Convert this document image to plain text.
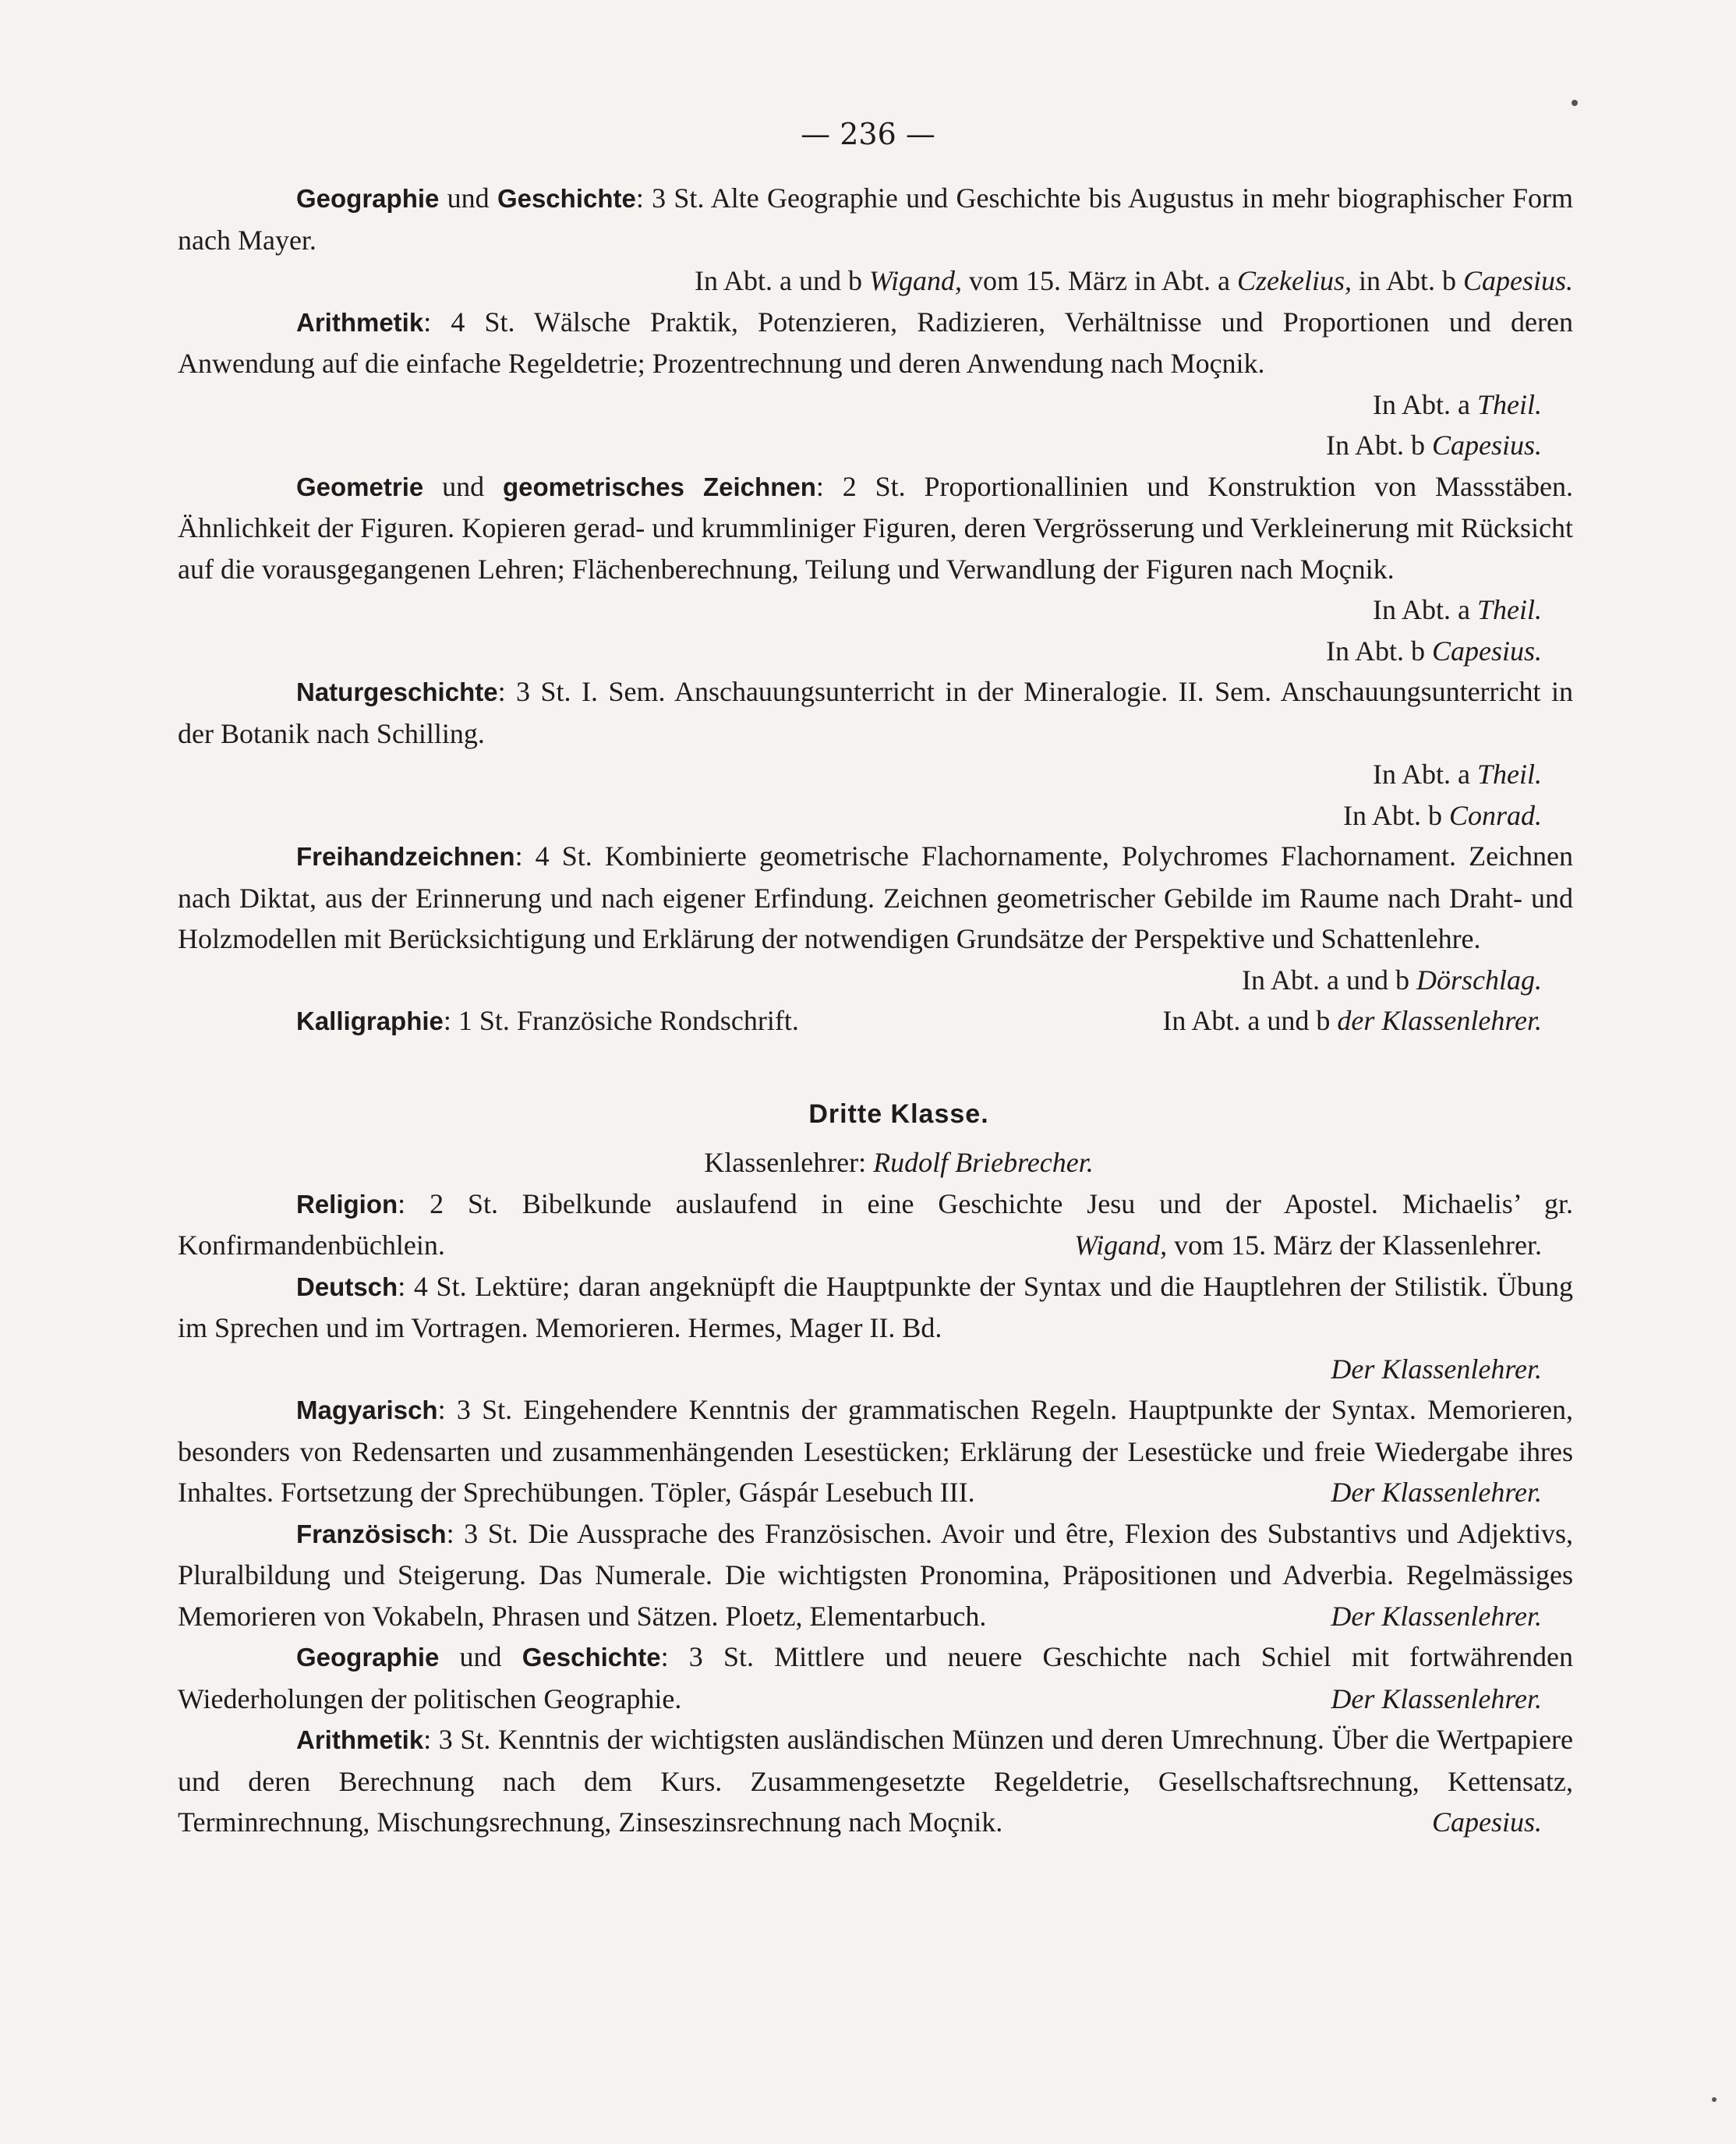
— 236 —

Geographie und Geschichte: 3 St. Alte Geographie und Geschichte bis Augustus in mehr biographischer Form nach Mayer.

In Abt. a und b Wigand, vom 15. März in Abt. a Czekelius, in Abt. b Capesius.

Arithmetik: 4 St. Wälsche Praktik, Potenzieren, Radizieren, Verhältnisse und Proportionen und deren Anwendung auf die einfache Regeldetrie; Prozentrechnung und deren Anwendung nach Moçnik.

In Abt. a Theil.

In Abt. b Capesius.

Geometrie und geometrisches Zeichnen: 2 St. Proportionallinien und Konstruktion von Massstäben. Ähnlichkeit der Figuren. Kopieren gerad- und krummliniger Figuren, deren Vergrösserung und Verkleinerung mit Rücksicht auf die vorausgegangenen Lehren; Flächenberechnung, Teilung und Verwandlung der Figuren nach Moçnik.

In Abt. a Theil.

In Abt. b Capesius.

Naturgeschichte: 3 St. I. Sem. Anschauungsunterricht in der Mineralogie. II. Sem. Anschauungsunterricht in der Botanik nach Schilling.

In Abt. a Theil.

In Abt. b Conrad.

Freihandzeichnen: 4 St. Kombinierte geometrische Flachornamente, Polychromes Flachornament. Zeichnen nach Diktat, aus der Erinnerung und nach eigener Erfindung. Zeichnen geometrischer Gebilde im Raume nach Draht- und Holzmodellen mit Berücksichtigung und Erklärung der notwendigen Grundsätze der Perspektive und Schattenlehre.

In Abt. a und b Dörschlag.

Kalligraphie: 1 St. Französiche Rondschrift.	In Abt. a und b der Klassenlehrer.

Dritte Klasse.

Klassenlehrer: Rudolf Briebrecher.

Religion: 2 St. Bibelkunde auslaufend in eine Geschichte Jesu und der Apostel. Michaelis’ gr. Konfirmandenbüchlein.	Wigand, vom 15. März der Klassenlehrer.

Deutsch: 4 St. Lektüre; daran angeknüpft die Hauptpunkte der Syntax und die Hauptlehren der Stilistik. Übung im Sprechen und im Vortragen. Memorieren. Hermes, Mager II. Bd.

Der Klassenlehrer.

Magyarisch: 3 St. Eingehendere Kenntnis der grammatischen Regeln. Hauptpunkte der Syntax. Memorieren, besonders von Redensarten und zusammenhängenden Lesestücken; Erklärung der Lesestücke und freie Wiedergabe ihres Inhaltes. Fortsetzung der Sprechübungen. Töpler, Gáspár Lesebuch III.	Der Klassenlehrer.

Französisch: 3 St. Die Aussprache des Französischen. Avoir und être, Flexion des Substantivs und Adjektivs, Pluralbildung und Steigerung. Das Numerale. Die wichtigsten Pronomina, Präpositionen und Adverbia. Regelmässiges Memorieren von Vokabeln, Phrasen und Sätzen. Ploetz, Elementarbuch.	Der Klassenlehrer.

Geographie und Geschichte: 3 St. Mittlere und neuere Geschichte nach Schiel mit fortwährenden Wiederholungen der politischen Geographie.	Der Klassenlehrer.

Arithmetik: 3 St. Kenntnis der wichtigsten ausländischen Münzen und deren Umrechnung. Über die Wertpapiere und deren Berechnung nach dem Kurs. Zusammengesetzte Regeldetrie, Gesellschaftsrechnung, Kettensatz, Terminrechnung, Mischungsrechnung, Zinseszinsrechnung nach Moçnik.	Capesius.
